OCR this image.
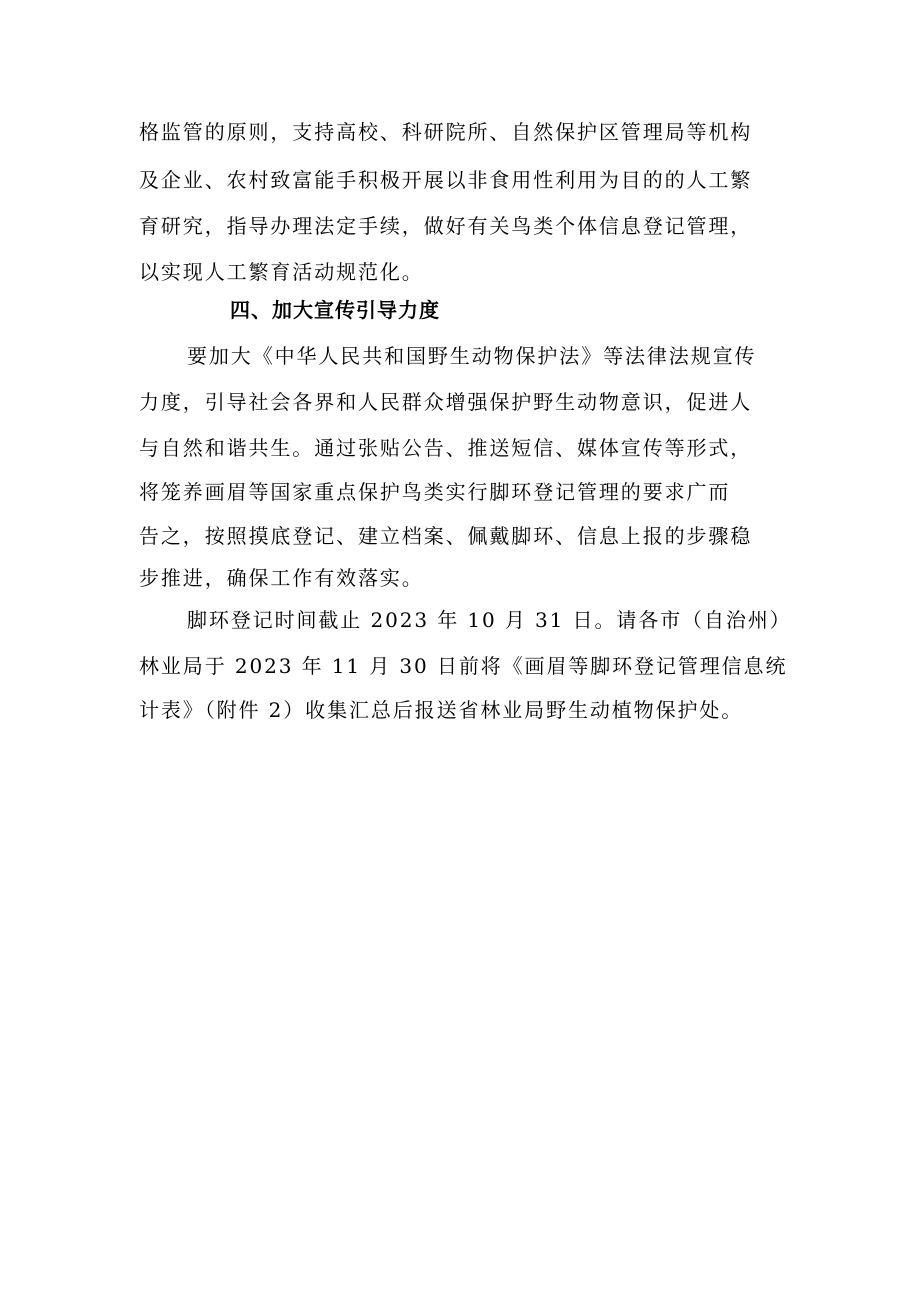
格监管的原则，支持高校、科研院所、自然保护区管理局等机构
及企业、农村致富能手积极开展以非食用性利用为目的的人工繁
育研究，指导办理法定手续，做好有关鸟类个体信息登记管理，
以实现人工繁育活动规范化。
四、加大宣传引导力度
要加大《中华人民共和国野生动物保护法》等法律法规宣传
力度，引导社会各界和人民群众增强保护野生动物意识，促进人
与自然和谐共生。通过张贴公告、推送短信、媒体宣传等形式，
将笼养画眉等国家重点保护鸟类实行脚环登记管理的要求广而
告之，按照摸底登记、建立档案、佩戴脚环、信息上报的步骤稳
步推进，确保工作有效落实。
脚环登记时间截止 2023 年 10 月 31 日。请各市（自治州）
林业局于 2023 年 11 月 30 日前将《画眉等脚环登记管理信息统
计表》（附件 2）收集汇总后报送省林业局野生动植物保护处。
